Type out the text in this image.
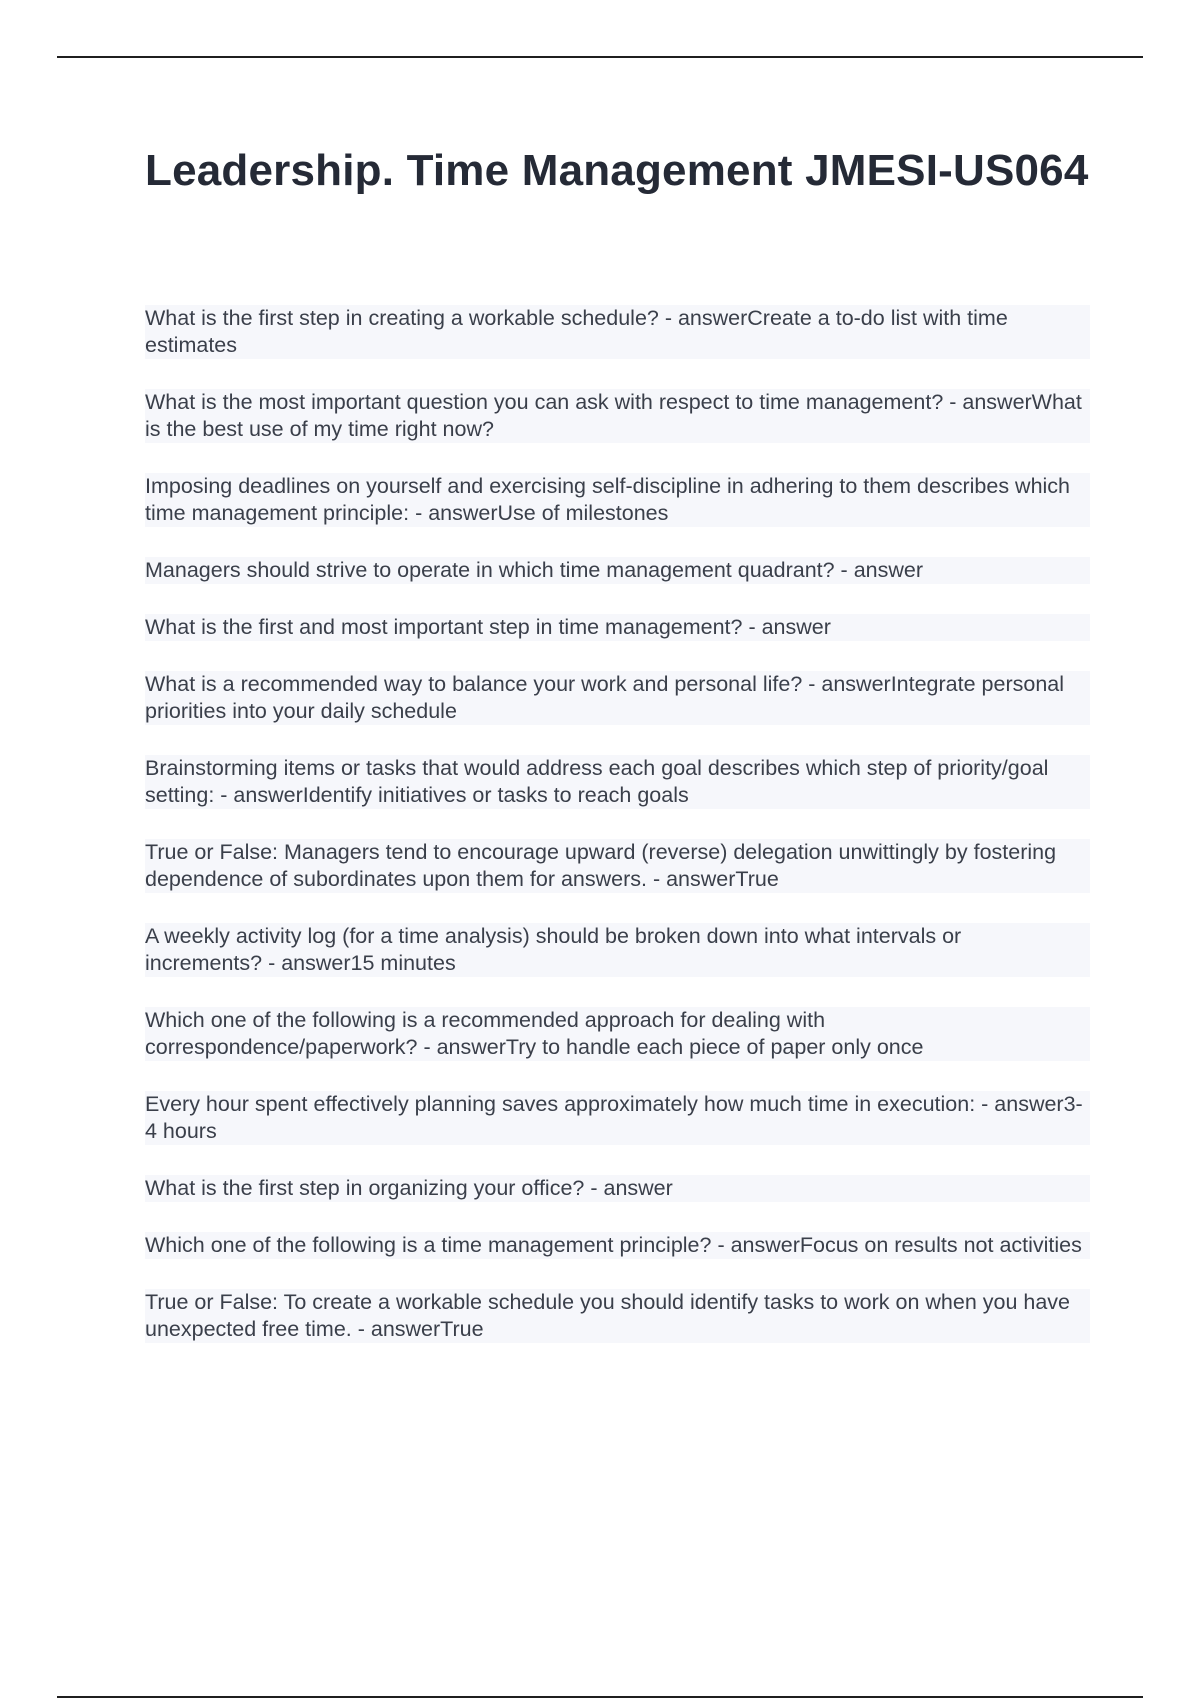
Leadership. Time Management JMESI-US064
What is the first step in creating a workable schedule? - answerCreate a to-do list with time estimates
What is the most important question you can ask with respect to time management? - answerWhat is the best use of my time right now?
Imposing deadlines on yourself and exercising self-discipline in adhering to them describes which time management principle: - answerUse of milestones
Managers should strive to operate in which time management quadrant? - answer
What is the first and most important step in time management? - answer
What is a recommended way to balance your work and personal life? - answerIntegrate personal priorities into your daily schedule
Brainstorming items or tasks that would address each goal describes which step of priority/goal setting: - answerIdentify initiatives or tasks to reach goals
True or False: Managers tend to encourage upward (reverse) delegation unwittingly by fostering dependence of subordinates upon them for answers. - answerTrue
A weekly activity log (for a time analysis) should be broken down into what intervals or increments? - answer15 minutes
Which one of the following is a recommended approach for dealing with correspondence/paperwork? - answerTry to handle each piece of paper only once
Every hour spent effectively planning saves approximately how much time in execution: - answer3-4 hours
What is the first step in organizing your office? - answer
Which one of the following is a time management principle? - answerFocus on results not activities
True or False: To create a workable schedule you should identify tasks to work on when you have unexpected free time. - answerTrue
